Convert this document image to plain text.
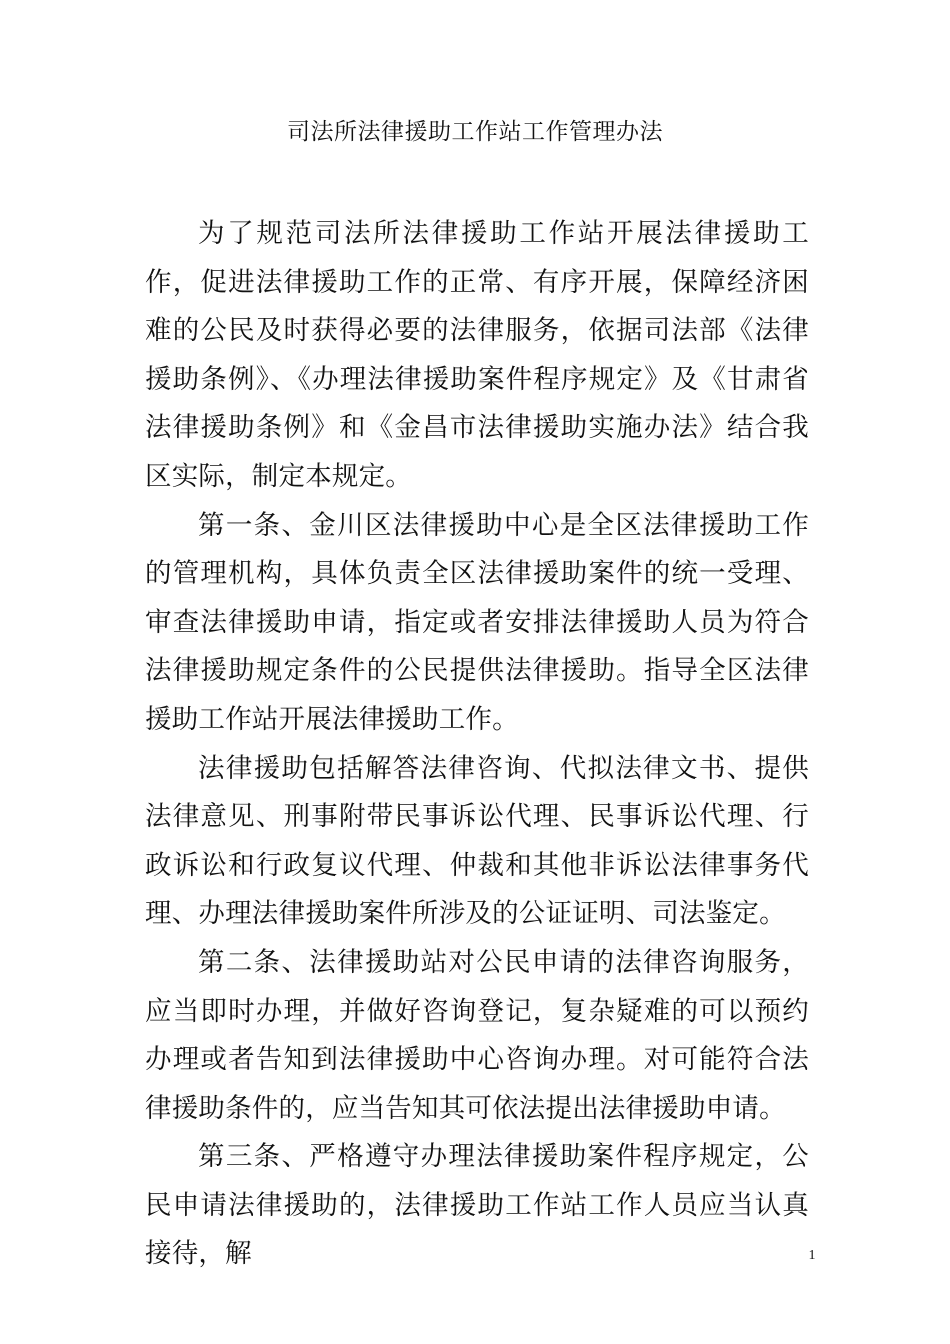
司法所法律援助工作站工作管理办法

为了规范司法所法律援助工作站开展法律援助工作，促进法律援助工作的正常、有序开展，保障经济困难的公民及时获得必要的法律服务，依据司法部《法律援助条例》、《办理法律援助案件程序规定》及《甘肃省法律援助条例》和《金昌市法律援助实施办法》结合我区实际，制定本规定。

第一条、金川区法律援助中心是全区法律援助工作的管理机构，具体负责全区法律援助案件的统一受理、审查法律援助申请，指定或者安排法律援助人员为符合法律援助规定条件的公民提供法律援助。指导全区法律援助工作站开展法律援助工作。

法律援助包括解答法律咨询、代拟法律文书、提供法律意见、刑事附带民事诉讼代理、民事诉讼代理、行政诉讼和行政复议代理、仲裁和其他非诉讼法律事务代理、办理法律援助案件所涉及的公证证明、司法鉴定。

第二条、法律援助站对公民申请的法律咨询服务，应当即时办理，并做好咨询登记，复杂疑难的可以预约办理或者告知到法律援助中心咨询办理。对可能符合法律援助条件的，应当告知其可依法提出法律援助申请。

第三条、严格遵守办理法律援助案件程序规定，公民申请法律援助的，法律援助工作站工作人员应当认真接待，解	1
